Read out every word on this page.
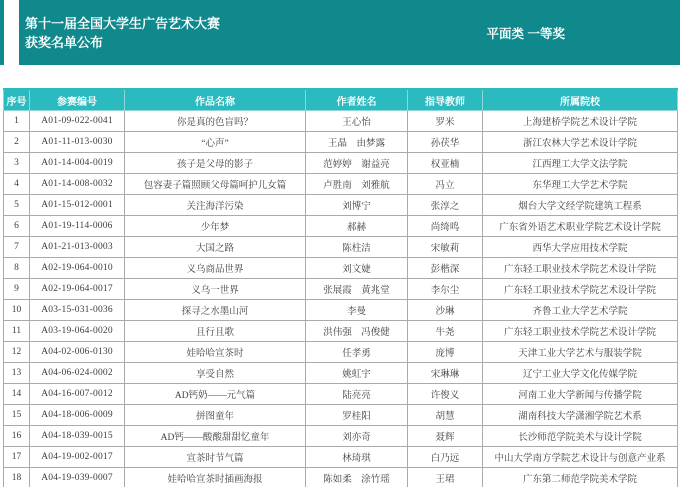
第十一届全国大学生广告艺术大赛
获奖名单公布
平面类 一等奖
序号	参赛编号	作品名称	作者姓名	指导教师	所属院校
1	A01-09-022-0041	你是真的色盲吗？	王心怡	罗米	上海建桥学院艺术设计学院
2	A01-11-013-0030	“心声”	王晶　由梦露	孙茯华	浙江农林大学艺术设计学院
3	A01-14-004-0019	孩子是父母的影子	范婷婷　谢益亮	权亚楠	江西理工大学文法学院
4	A01-14-008-0032	包容妻子篇照顾父母篇呵护儿女篇	卢胜南　刘雅航	冯立	东华理工大学艺术学院
5	A01-15-012-0001	关注海洋污染	刘博宁	张淳之	烟台大学文经学院建筑工程系
6	A01-19-114-0006	少年梦	郝赫	尚绮鸣	广东省外语艺术职业学院艺术设计学院
7	A01-21-013-0003	大国之路	陈柱洁	宋敏莉	西华大学应用技术学院
8	A02-19-064-0010	义乌商品世界	刘文婕	彭楷深	广东轻工职业技术学院艺术设计学院
9	A02-19-064-0017	义乌一世界	张展霞　黄兆堂	李尔尘	广东轻工职业技术学院艺术设计学院
10	A03-15-031-0036	探寻之水墨山河	李曼	沙琳	齐鲁工业大学艺术学院
11	A03-19-064-0020	且行且歌	洪伟强　冯俊健	牛尧	广东轻工职业技术学院艺术设计学院
12	A04-02-006-0130	娃哈哈宣茶时	任孝勇	庞博	天津工业大学艺术与服装学院
13	A04-06-024-0002	享受自然	姚虹宇	宋琳琳	辽宁工业大学文化传媒学院
14	A04-16-007-0012	AD钙奶——元气篇	陆亮亮	许俊义	河南工业大学新闻与传播学院
15	A04-18-006-0009	拼图童年	罗桂阳	胡慧	湖南科技大学潇湘学院艺术系
16	A04-18-039-0015	AD钙——酸酸甜甜忆童年	刘亦奇	聂辉	长沙师范学院美术与设计学院
17	A04-19-002-0017	宣茶时节气篇	林琦琪	白乃远	中山大学南方学院艺术设计与创意产业系
18	A04-19-039-0007	娃哈哈宣茶时插画海报	陈如柔　涂竹瑶	王珺	广东第二师范学院美术学院
